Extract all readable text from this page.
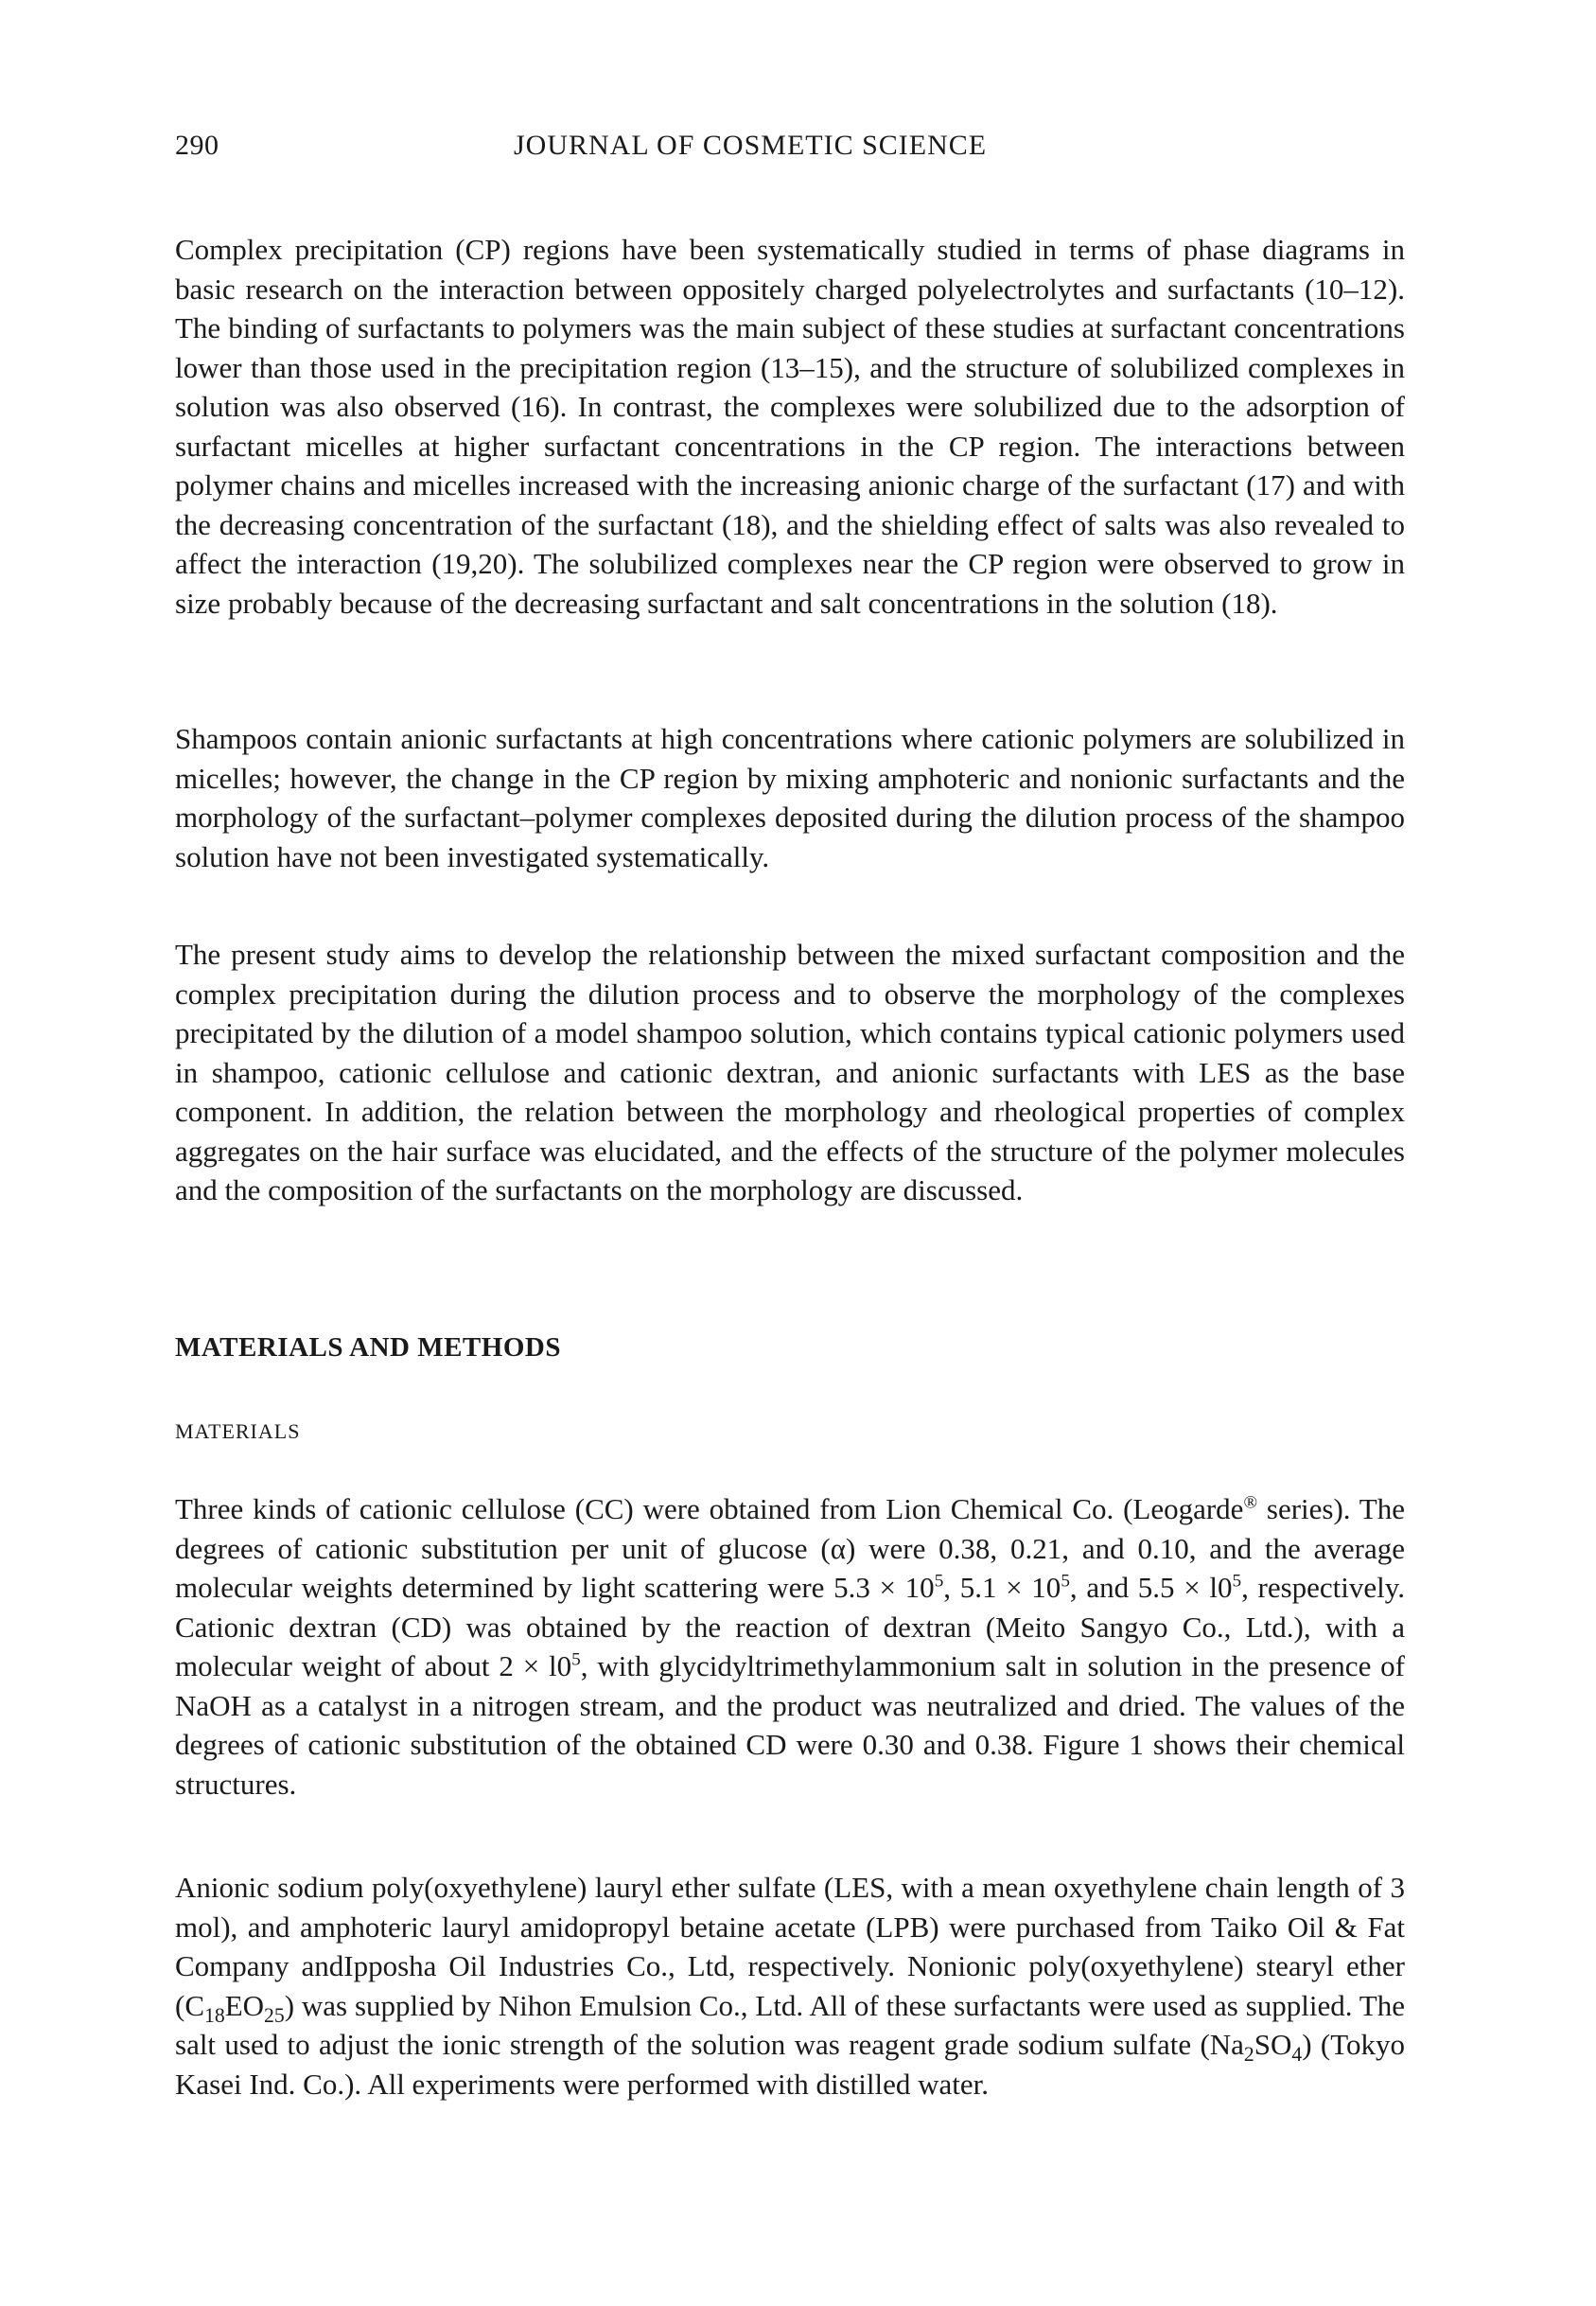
290	JOURNAL OF COSMETIC SCIENCE

Complex precipitation (CP) regions have been systematically studied in terms of phase diagrams in basic research on the interaction between oppositely charged polyelectrolytes and surfactants (10–12). The binding of surfactants to polymers was the main subject of these studies at surfactant concentrations lower than those used in the precipitation region (13–15), and the structure of solubilized complexes in solution was also observed (16). In contrast, the complexes were solubilized due to the adsorption of surfactant micelles at higher surfactant concentrations in the CP region. The interactions between polymer chains and micelles increased with the increasing anionic charge of the surfactant (17) and with the decreasing concentration of the surfactant (18), and the shielding effect of salts was also revealed to affect the interaction (19,20). The solubilized complexes near the CP region were observed to grow in size probably because of the decreasing surfactant and salt concentrations in the solution (18).

Shampoos contain anionic surfactants at high concentrations where cationic polymers are solubilized in micelles; however, the change in the CP region by mixing amphoteric and nonionic surfactants and the morphology of the surfactant–polymer complexes deposited during the dilution process of the shampoo solution have not been investigated systematically.

The present study aims to develop the relationship between the mixed surfactant composition and the complex precipitation during the dilution process and to observe the morphology of the complexes precipitated by the dilution of a model shampoo solution, which contains typical cationic polymers used in shampoo, cationic cellulose and cationic dextran, and anionic surfactants with LES as the base component. In addition, the relation between the morphology and rheological properties of complex aggregates on the hair surface was elucidated, and the effects of the structure of the polymer molecules and the composition of the surfactants on the morphology are discussed.

MATERIALS AND METHODS
MATERIALS

Three kinds of cationic cellulose (CC) were obtained from Lion Chemical Co. (Leogarde® series). The degrees of cationic substitution per unit of glucose (α) were 0.38, 0.21, and 0.10, and the average molecular weights determined by light scattering were $5.3 \times 10^5$, $5.1 \times 10^5$, and $5.5 \times l0^5$, respectively. Cationic dextran (CD) was obtained by the reaction of dextran (Meito Sangyo Co., Ltd.), with a molecular weight of about $2 \times l0^5$, with glycidyltrimethylammonium salt in solution in the presence of NaOH as a catalyst in a nitrogen stream, and the product was neutralized and dried. The values of the degrees of cationic substitution of the obtained CD were 0.30 and 0.38. Figure 1 shows their chemical structures.

Anionic sodium poly(oxyethylene) lauryl ether sulfate (LES, with a mean oxyethylene chain length of 3 mol), and amphoteric lauryl amidopropyl betaine acetate (LPB) were purchased from Taiko Oil & Fat Company andIpposha Oil Industries Co., Ltd, respectively. Nonionic poly(oxyethylene) stearyl ether $(C_{18}EO_{25})$ was supplied by Nihon Emulsion Co., Ltd. All of these surfactants were used as supplied. The salt used to adjust the ionic strength of the solution was reagent grade sodium sulfate $(Na_2SO_4)$ (Tokyo Kasei Ind. Co.). All experiments were performed with distilled water.
